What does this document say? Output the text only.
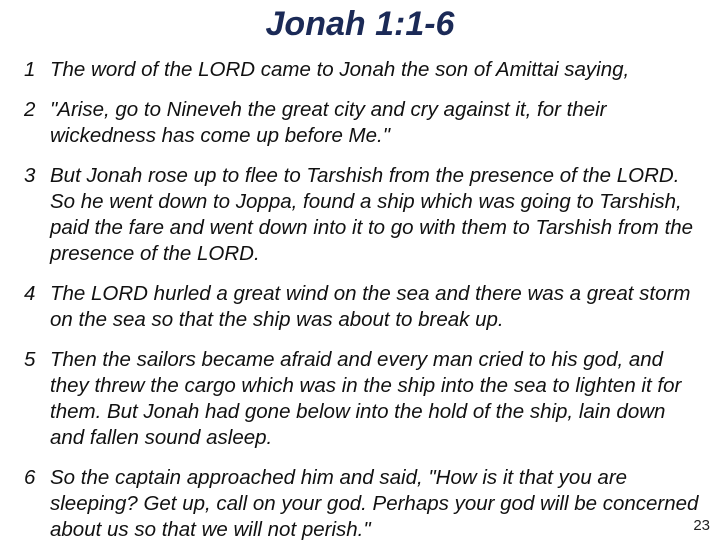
Jonah 1:1-6
1 The word of the LORD came to Jonah the son of Amittai saying,
2 "Arise, go to Nineveh the great city and cry against it, for their wickedness has come up before Me."
3 But Jonah rose up to flee to Tarshish from the presence of the LORD. So he went down to Joppa, found a ship which was going to Tarshish, paid the fare and went down into it to go with them to Tarshish from the presence of the LORD.
4 The LORD hurled a great wind on the sea and there was a great storm on the sea so that the ship was about to break up.
5 Then the sailors became afraid and every man cried to his god, and they threw the cargo which was in the ship into the sea to lighten it for them. But Jonah had gone below into the hold of the ship, lain down and fallen sound asleep.
6 So the captain approached him and said, "How is it that you are sleeping? Get up, call on your god. Perhaps your god will be concerned about us so that we will not perish."	23
